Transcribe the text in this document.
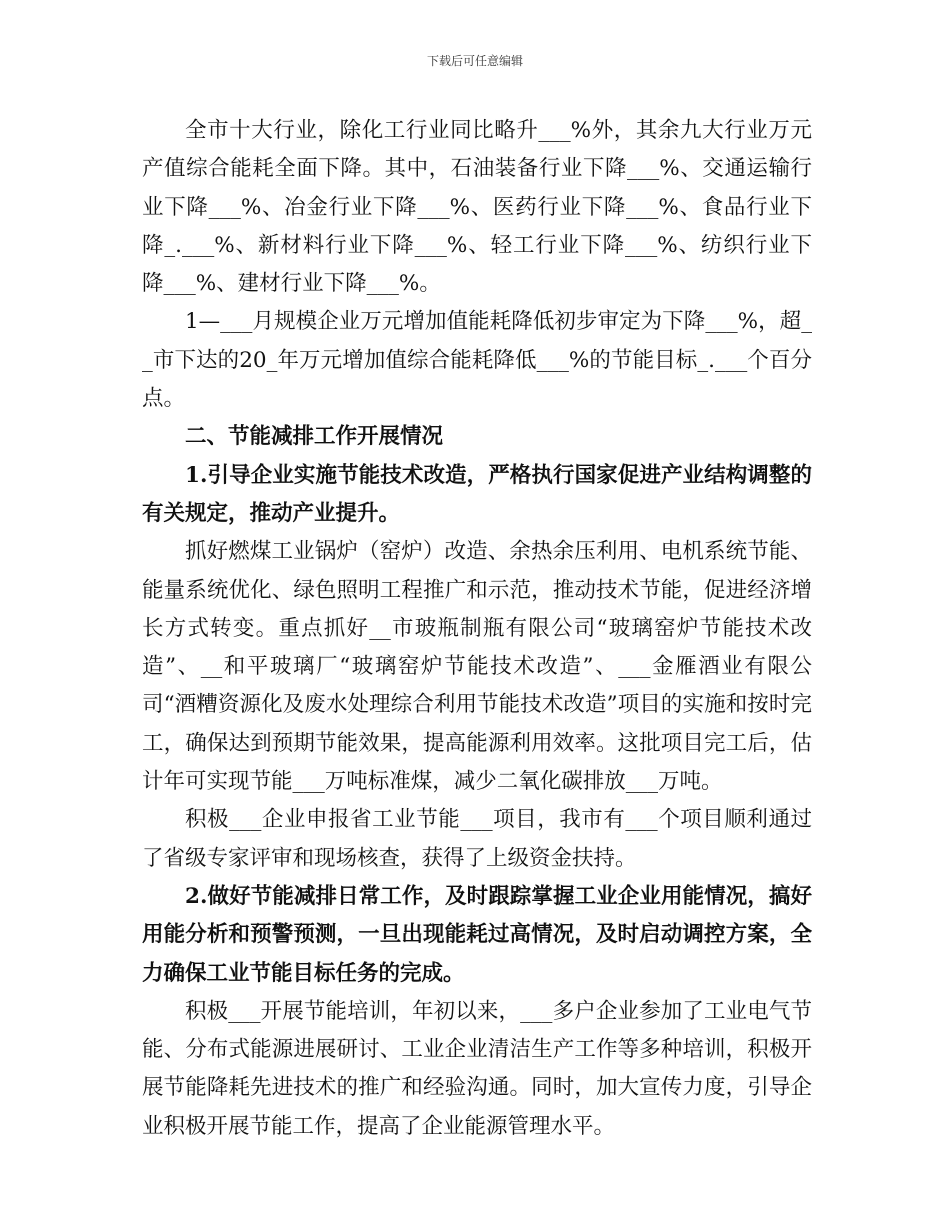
下载后可任意编辑

全市十大行业，除化工行业同比略升___%外，其余九大行业万元产值综合能耗全面下降。其中，石油装备行业下降___%、交通运输行业下降___%、冶金行业下降___%、医药行业下降___%、食品行业下降_.___%、新材料行业下降___%、轻工行业下降___%、纺织行业下降___%、建材行业下降___%。

1—___月规模企业万元增加值能耗降低初步审定为下降___%，超__市下达的20_年万元增加值综合能耗降低___%的节能目标_.___个百分点。

二、节能减排工作开展情况

1.引导企业实施节能技术改造，严格执行国家促进产业结构调整的有关规定，推动产业提升。

抓好燃煤工业锅炉（窑炉）改造、余热余压利用、电机系统节能、能量系统优化、绿色照明工程推广和示范，推动技术节能，促进经济增长方式转变。重点抓好__市玻瓶制瓶有限公司“玻璃窑炉节能技术改造”、__和平玻璃厂“玻璃窑炉节能技术改造”、___金雁酒业有限公司“酒糟资源化及废水处理综合利用节能技术改造”项目的实施和按时完工，确保达到预期节能效果，提高能源利用效率。这批项目完工后，估计年可实现节能___万吨标准煤，减少二氧化碳排放___万吨。

积极___企业申报省工业节能___项目，我市有___个项目顺利通过了省级专家评审和现场核查，获得了上级资金扶持。

2.做好节能减排日常工作，及时跟踪掌握工业企业用能情况，搞好用能分析和预警预测，一旦出现能耗过高情况，及时启动调控方案，全力确保工业节能目标任务的完成。

积极___开展节能培训，年初以来，___多户企业参加了工业电气节能、分布式能源进展研讨、工业企业清洁生产工作等多种培训，积极开展节能降耗先进技术的推广和经验沟通。同时，加大宣传力度，引导企业积极开展节能工作，提高了企业能源管理水平。
